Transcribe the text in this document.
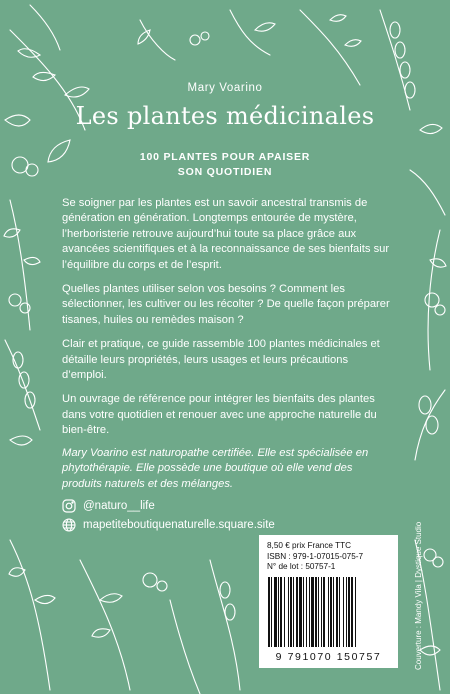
Mary Voarino
Les plantes médicinales
100 PLANTES POUR APAISER
SON QUOTIDIEN

Se soigner par les plantes est un savoir ancestral transmis de génération en génération. Longtemps entourée de mystère, l’herboristerie retrouve aujourd’hui toute sa place grâce aux avancées scientifiques et à la reconnaissance de ses bienfaits sur l’équilibre du corps et de l’esprit.

Quelles plantes utiliser selon vos besoins ? Comment les sélectionner, les cultiver ou les récolter ? De quelle façon préparer tisanes, huiles ou remèdes maison ?

Clair et pratique, ce guide rassemble 100 plantes médicinales et détaille leurs propriétés, leurs usages et leurs précautions d’emploi.

Un ouvrage de référence pour intégrer les bienfaits des plantes dans votre quotidien et renouer avec une approche naturelle du bien-être.

Mary Voarino est naturopathe certifiée. Elle est spécialisée en phytothérapie. Elle possède une boutique où elle vend des produits naturels et des mélanges.
@naturo__life
mapetiteboutiquenaturelle.square.site
8,50 € prix France TTC
ISBN : 979-1-07015-075-7
N° de lot : 50757-1
9 791070 150757	Couverture : Mandy Vila | Dystique Studio
